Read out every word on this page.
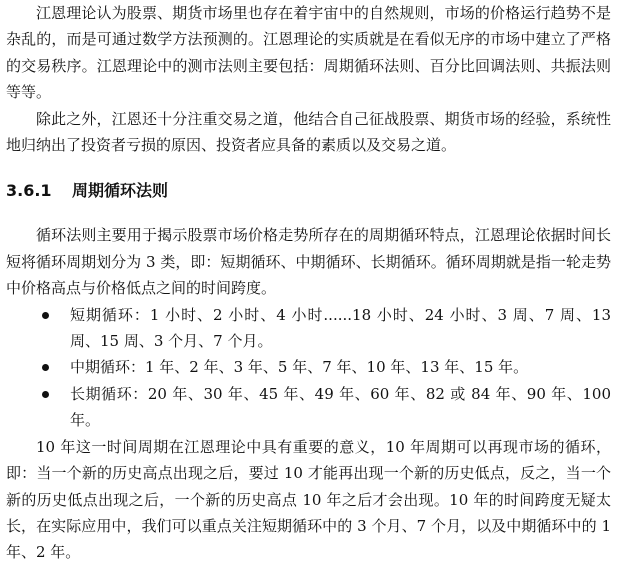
江恩理论认为股票、期货市场里也存在着宇宙中的自然规则，市场的价格运行趋势不是杂乱的，而是可通过数学方法预测的。江恩理论的实质就是在看似无序的市场中建立了严格的交易秩序。江恩理论中的测市法则主要包括：周期循环法则、百分比回调法则、共振法则等等。

除此之外，江恩还十分注重交易之道，他结合自己征战股票、期货市场的经验，系统性地归纳出了投资者亏损的原因、投资者应具备的素质以及交易之道。

3.6.1 周期循环法则

循环法则主要用于揭示股票市场价格走势所存在的周期循环特点，江恩理论依据时间长短将循环周期划分为 3 类，即：短期循环、中期循环、长期循环。循环周期就是指一轮走势中价格高点与价格低点之间的时间跨度。

短期循环：1 小时、2 小时、4 小时......18 小时、24 小时、3 周、7 周、13 周、15 周、3 个月、7 个月。
中期循环：1 年、2 年、3 年、5 年、7 年、10 年、13 年、15 年。
长期循环：20 年、30 年、45 年、49 年、60 年、82 或 84 年、90 年、100 年。

10 年这一时间周期在江恩理论中具有重要的意义，10 年周期可以再现市场的循环，即：当一个新的历史高点出现之后，要过 10 才能再出现一个新的历史低点，反之，当一个新的历史低点出现之后，一个新的历史高点 10 年之后才会出现。10 年的时间跨度无疑太长，在实际应用中，我们可以重点关注短期循环中的 3 个月、7 个月，以及中期循环中的 1 年、2 年。
